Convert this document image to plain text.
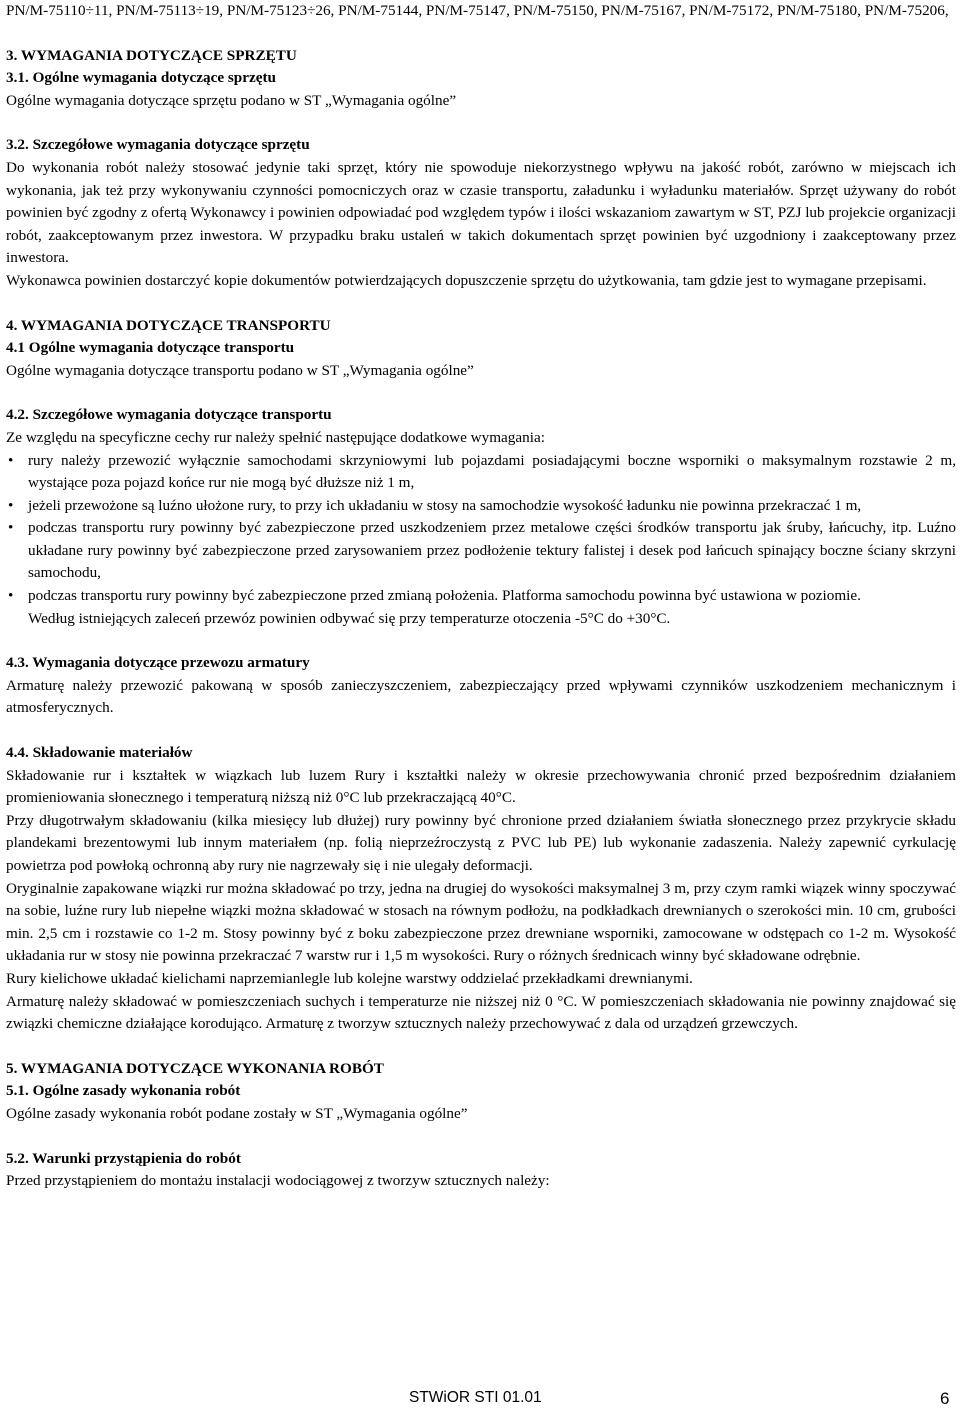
PN/M-75110÷11, PN/M-75113÷19, PN/M-75123÷26, PN/M-75144, PN/M-75147, PN/M-75150, PN/M-75167, PN/M-75172, PN/M-75180, PN/M-75206,

3. WYMAGANIA DOTYCZĄCE SPRZĘTU

3.1. Ogólne wymagania dotyczące sprzętu

Ogólne wymagania dotyczące sprzętu podano w ST „Wymagania ogólne”

3.2. Szczegółowe wymagania dotyczące sprzętu

Do wykonania robót należy stosować jedynie taki sprzęt, który nie spowoduje niekorzystnego wpływu na jakość robót, zarówno w miejscach ich wykonania, jak też przy wykonywaniu czynności pomocniczych oraz w czasie transportu, załadunku i wyładunku materiałów. Sprzęt używany do robót powinien być zgodny z ofertą Wykonawcy i powinien odpowiadać pod względem typów i ilości wskazaniom zawartym w ST, PZJ lub projekcie organizacji robót, zaakceptowanym przez inwestora. W przypadku braku ustaleń w takich dokumentach sprzęt powinien być uzgodniony i zaakceptowany przez inwestora.

Wykonawca powinien dostarczyć kopie dokumentów potwierdzających dopuszczenie sprzętu do użytkowania, tam gdzie jest to wymagane przepisami.

4. WYMAGANIA DOTYCZĄCE TRANSPORTU

4.1 Ogólne wymagania dotyczące transportu

Ogólne wymagania dotyczące transportu podano w ST „Wymagania ogólne”

4.2. Szczegółowe wymagania dotyczące transportu

Ze względu na specyficzne cechy rur należy spełnić następujące dodatkowe wymagania:

• rury należy przewozić wyłącznie samochodami skrzyniowymi lub pojazdami posiadającymi boczne wsporniki o maksymalnym rozstawie 2 m, wystające poza pojazd końce rur nie mogą być dłuższe niż 1 m,
• jeżeli przewożone są luźno ułożone rury, to przy ich układaniu w stosy na samochodzie wysokość ładunku nie powinna przekraczać 1 m,
• podczas transportu rury powinny być zabezpieczone przed uszkodzeniem przez metalowe części środków transportu jak śruby, łańcuchy, itp. Luźno układane rury powinny być zabezpieczone przed zarysowaniem przez podłożenie tektury falistej i desek pod łańcuch spinający boczne ściany skrzyni samochodu,
• podczas transportu rury powinny być zabezpieczone przed zmianą położenia. Platforma samochodu powinna być ustawiona w poziomie.

Według istniejących zaleceń przewóz powinien odbywać się przy temperaturze otoczenia -5°C do +30°C.

4.3. Wymagania dotyczące przewozu armatury

Armaturę należy przewozić pakowaną w sposób zanieczyszczeniem, zabezpieczający przed wpływami czynników uszkodzeniem mechanicznym i atmosferycznych.

4.4. Składowanie materiałów

Składowanie rur i kształtek w wiązkach lub luzem Rury i kształtki należy w okresie przechowywania chronić przed bezpośrednim działaniem promieniowania słonecznego i temperaturą niższą niż 0°C lub przekraczającą 40°C.

Przy długotrwałym składowaniu (kilka miesięcy lub dłużej) rury powinny być chronione przed działaniem światła słonecznego przez przykrycie składu plandekami brezentowymi lub innym materiałem (np. folią nieprzeźroczystą z PVC lub PE) lub wykonanie zadaszenia. Należy zapewnić cyrkulację powietrza pod powłoką ochronną aby rury nie nagrzewały się i nie ulegały deformacji.

Oryginalnie zapakowane wiązki rur można składować po trzy, jedna na drugiej do wysokości maksymalnej 3 m, przy czym ramki wiązek winny spoczywać na sobie, luźne rury lub niepełne wiązki można składować w stosach na równym podłożu, na podkładkach drewnianych o szerokości min. 10 cm, grubości min. 2,5 cm i rozstawie co 1-2 m. Stosy powinny być z boku zabezpieczone przez drewniane wsporniki, zamocowane w odstępach co 1-2 m. Wysokość układania rur w stosy nie powinna przekraczać 7 warstw rur i 1,5 m wysokości. Rury o różnych średnicach winny być składowane odrębnie.

Rury kielichowe układać kielichami naprzemianlegle lub kolejne warstwy oddzielać przekładkami drewnianymi.

Armaturę należy składować w pomieszczeniach suchych i temperaturze nie niższej niż 0 °C. W pomieszczeniach składowania nie powinny znajdować się związki chemiczne działające korodująco. Armaturę z tworzyw sztucznych należy przechowywać z dala od urządzeń grzewczych.

5. WYMAGANIA DOTYCZĄCE WYKONANIA ROBÓT

5.1. Ogólne zasady wykonania robót

Ogólne zasady wykonania robót podane zostały w ST „Wymagania ogólne”

5.2. Warunki przystąpienia do robót

Przed przystąpieniem do montażu instalacji wodociągowej z tworzyw sztucznych należy:

STWiOR STI 01.01	6
